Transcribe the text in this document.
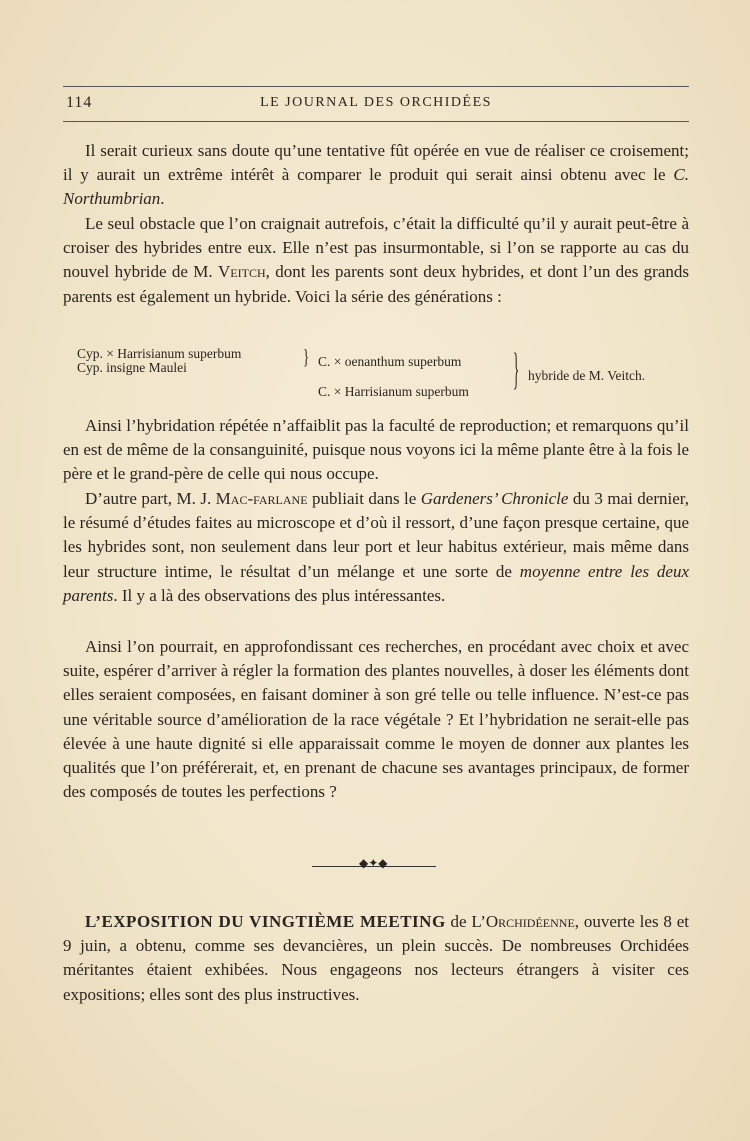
114	LE JOURNAL DES ORCHIDÉES

Il serait curieux sans doute qu’une tentative fût opérée en vue de réaliser ce croisement; il y aurait un extrême intérêt à comparer le produit qui serait ainsi obtenu avec le C. Northumbrian.

Le seul obstacle que l’on craignait autrefois, c’était la difficulté qu’il y aurait peut-être à croiser des hybrides entre eux. Elle n’est pas insurmontable, si l’on se rapporte au cas du nouvel hybride de M. Veitch, dont les parents sont deux hybrides, et dont l’un des grands parents est également un hybride. Voici la série des générations :

Cyp. × Harrisianum superbum
Cyp. insigne Maulei	} C. × oenanthum superbum
C. × Harrisianum superbum	} hybride de M. Veitch.

Ainsi l’hybridation répétée n’affaiblit pas la faculté de reproduction; et remarquons qu’il en est de même de la consanguinité, puisque nous voyons ici la même plante être à la fois le père et le grand-père de celle qui nous occupe.

D’autre part, M. J. Mac-farlane publiait dans le Gardeners’ Chronicle du 3 mai dernier, le résumé d’études faites au microscope et d’où il ressort, d’une façon presque certaine, que les hybrides sont, non seulement dans leur port et leur habitus extérieur, mais même dans leur structure intime, le résultat d’un mélange et une sorte de moyenne entre les deux parents. Il y a là des observations des plus intéressantes.

Ainsi l’on pourrait, en approfondissant ces recherches, en procédant avec choix et avec suite, espérer d’arriver à régler la formation des plantes nouvelles, à doser les éléments dont elles seraient composées, en faisant dominer à son gré telle ou telle influence. N’est-ce pas une véritable source d’amélioration de la race végétale ? Et l’hybridation ne serait-elle pas élevée à une haute dignité si elle apparaissait comme le moyen de donner aux plantes les qualités que l’on préférerait, et, en prenant de chacune ses avantages principaux, de former des composés de toutes les perfections ?

◆✦◆

L’EXPOSITION DU VINGTIÈME MEETING de L’Orchidéenne, ouverte les 8 et 9 juin, a obtenu, comme ses devancières, un plein succès. De nombreuses Orchidées méritantes étaient exhibées. Nous engageons nos lecteurs étrangers à visiter ces expositions; elles sont des plus instructives.
